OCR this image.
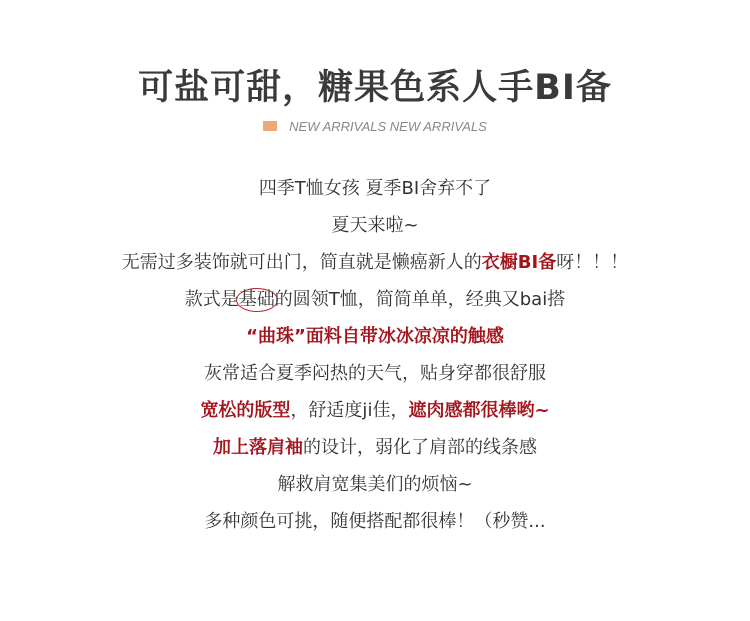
可盐可甜，糖果色系人手BI备
NEW ARRIVALS NEW ARRIVALS
四季T恤女孩 夏季BI舍弃不了
夏天来啦~
无需过多装饰就可出门，简直就是懒癌新人的衣橱BI备呀！！！
款式是基础的圆领T恤，简简单单，经典又bai搭
“曲珠”面料自带冰冰凉凉的触感
灰常适合夏季闷热的天气，贴身穿都很舒服
宽松的版型，舒适度ji佳，遮肉感都很棒哟~
加上落肩袖的设计，弱化了肩部的线条感
解救肩宽集美们的烦恼~
多种颜色可挑，随便搭配都很棒！（秒赞...
